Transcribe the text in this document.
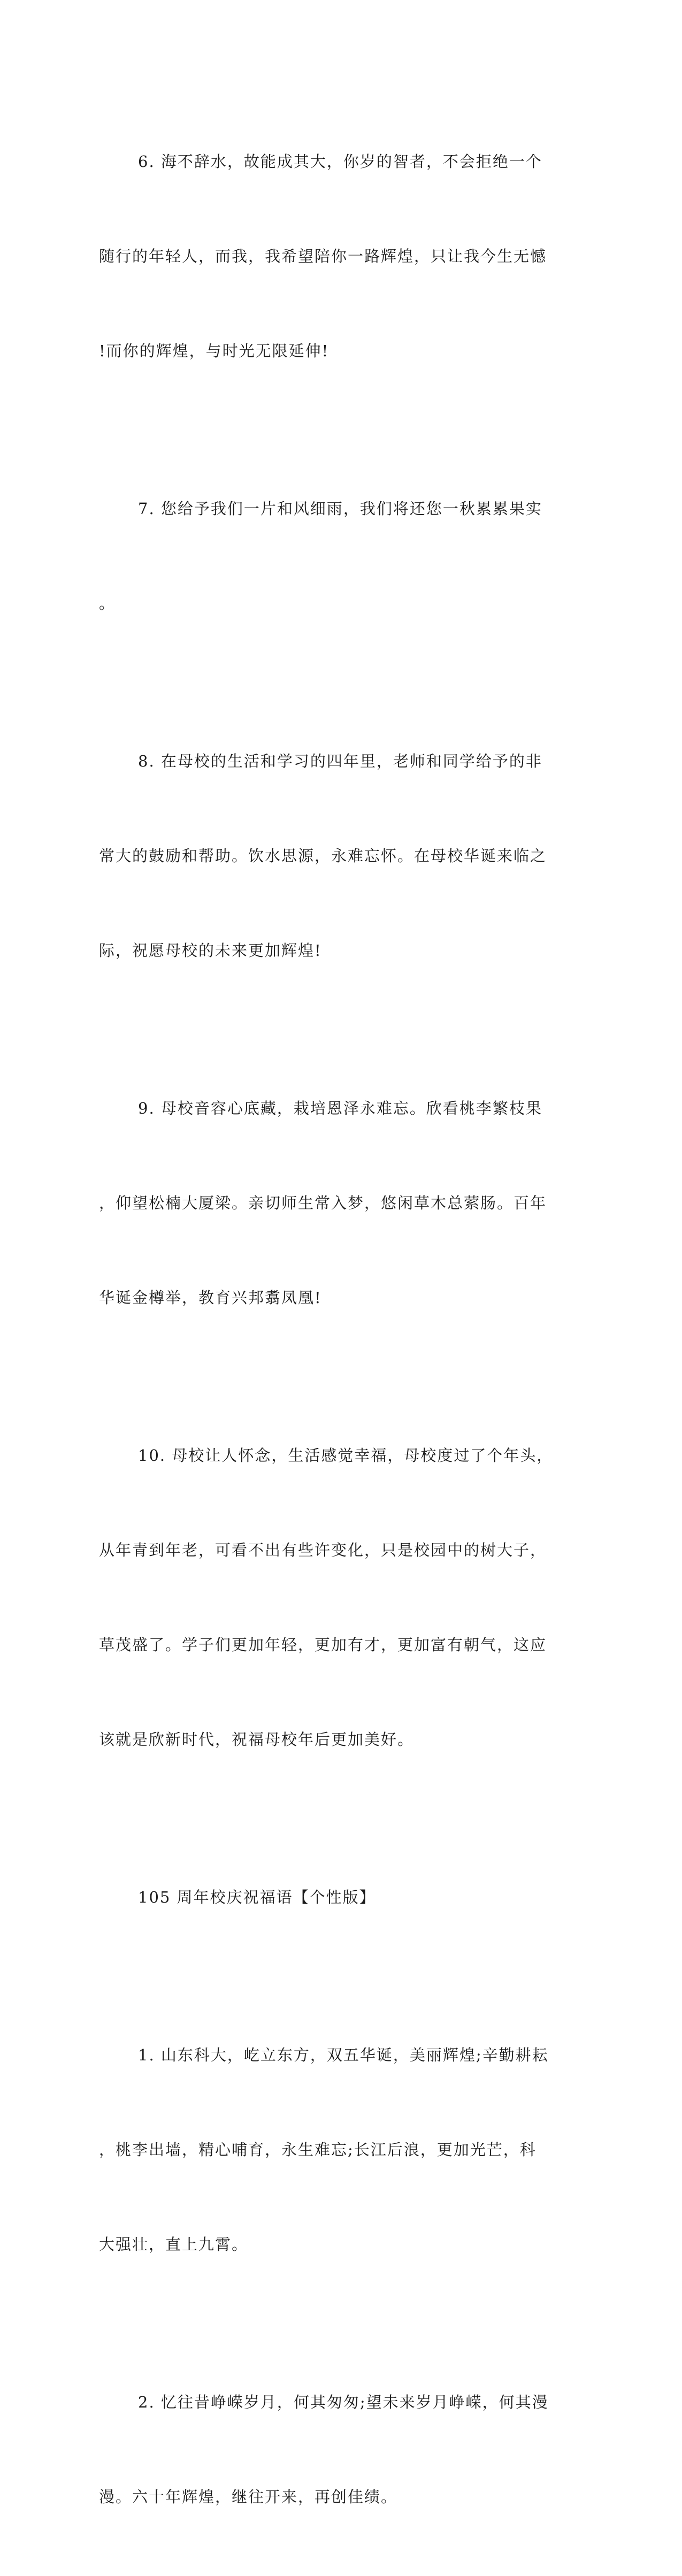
6. 海不辞水，故能成其大，你岁的智者，不会拒绝一个

随行的年轻人，而我，我希望陪你一路辉煌，只让我今生无憾

!而你的辉煌，与时光无限延伸!

7. 您给予我们一片和风细雨，我们将还您一秋累累果实

。

8. 在母校的生活和学习的四年里，老师和同学给予的非

常大的鼓励和帮助。饮水思源，永难忘怀。在母校华诞来临之

际，祝愿母校的未来更加辉煌!

9. 母校音容心底藏，栽培恩泽永难忘。欣看桃李繁枝果

，仰望松楠大厦梁。亲切师生常入梦，悠闲草木总萦肠。百年

华诞金樽举，教育兴邦翥凤凰!

10. 母校让人怀念，生活感觉幸福，母校度过了个年头，

从年青到年老，可看不出有些许变化，只是校园中的树大子，

草茂盛了。学子们更加年轻，更加有才，更加富有朝气，这应

该就是欣新时代，祝福母校年后更加美好。

105 周年校庆祝福语【个性版】

1. 山东科大，屹立东方，双五华诞，美丽辉煌;辛勤耕耘

，桃李出墙，精心哺育，永生难忘;长江后浪，更加光芒，科

大强壮，直上九霄。

2. 忆往昔峥嵘岁月，何其匆匆;望未来岁月峥嵘，何其漫

漫。六十年辉煌，继往开来，再创佳绩。
